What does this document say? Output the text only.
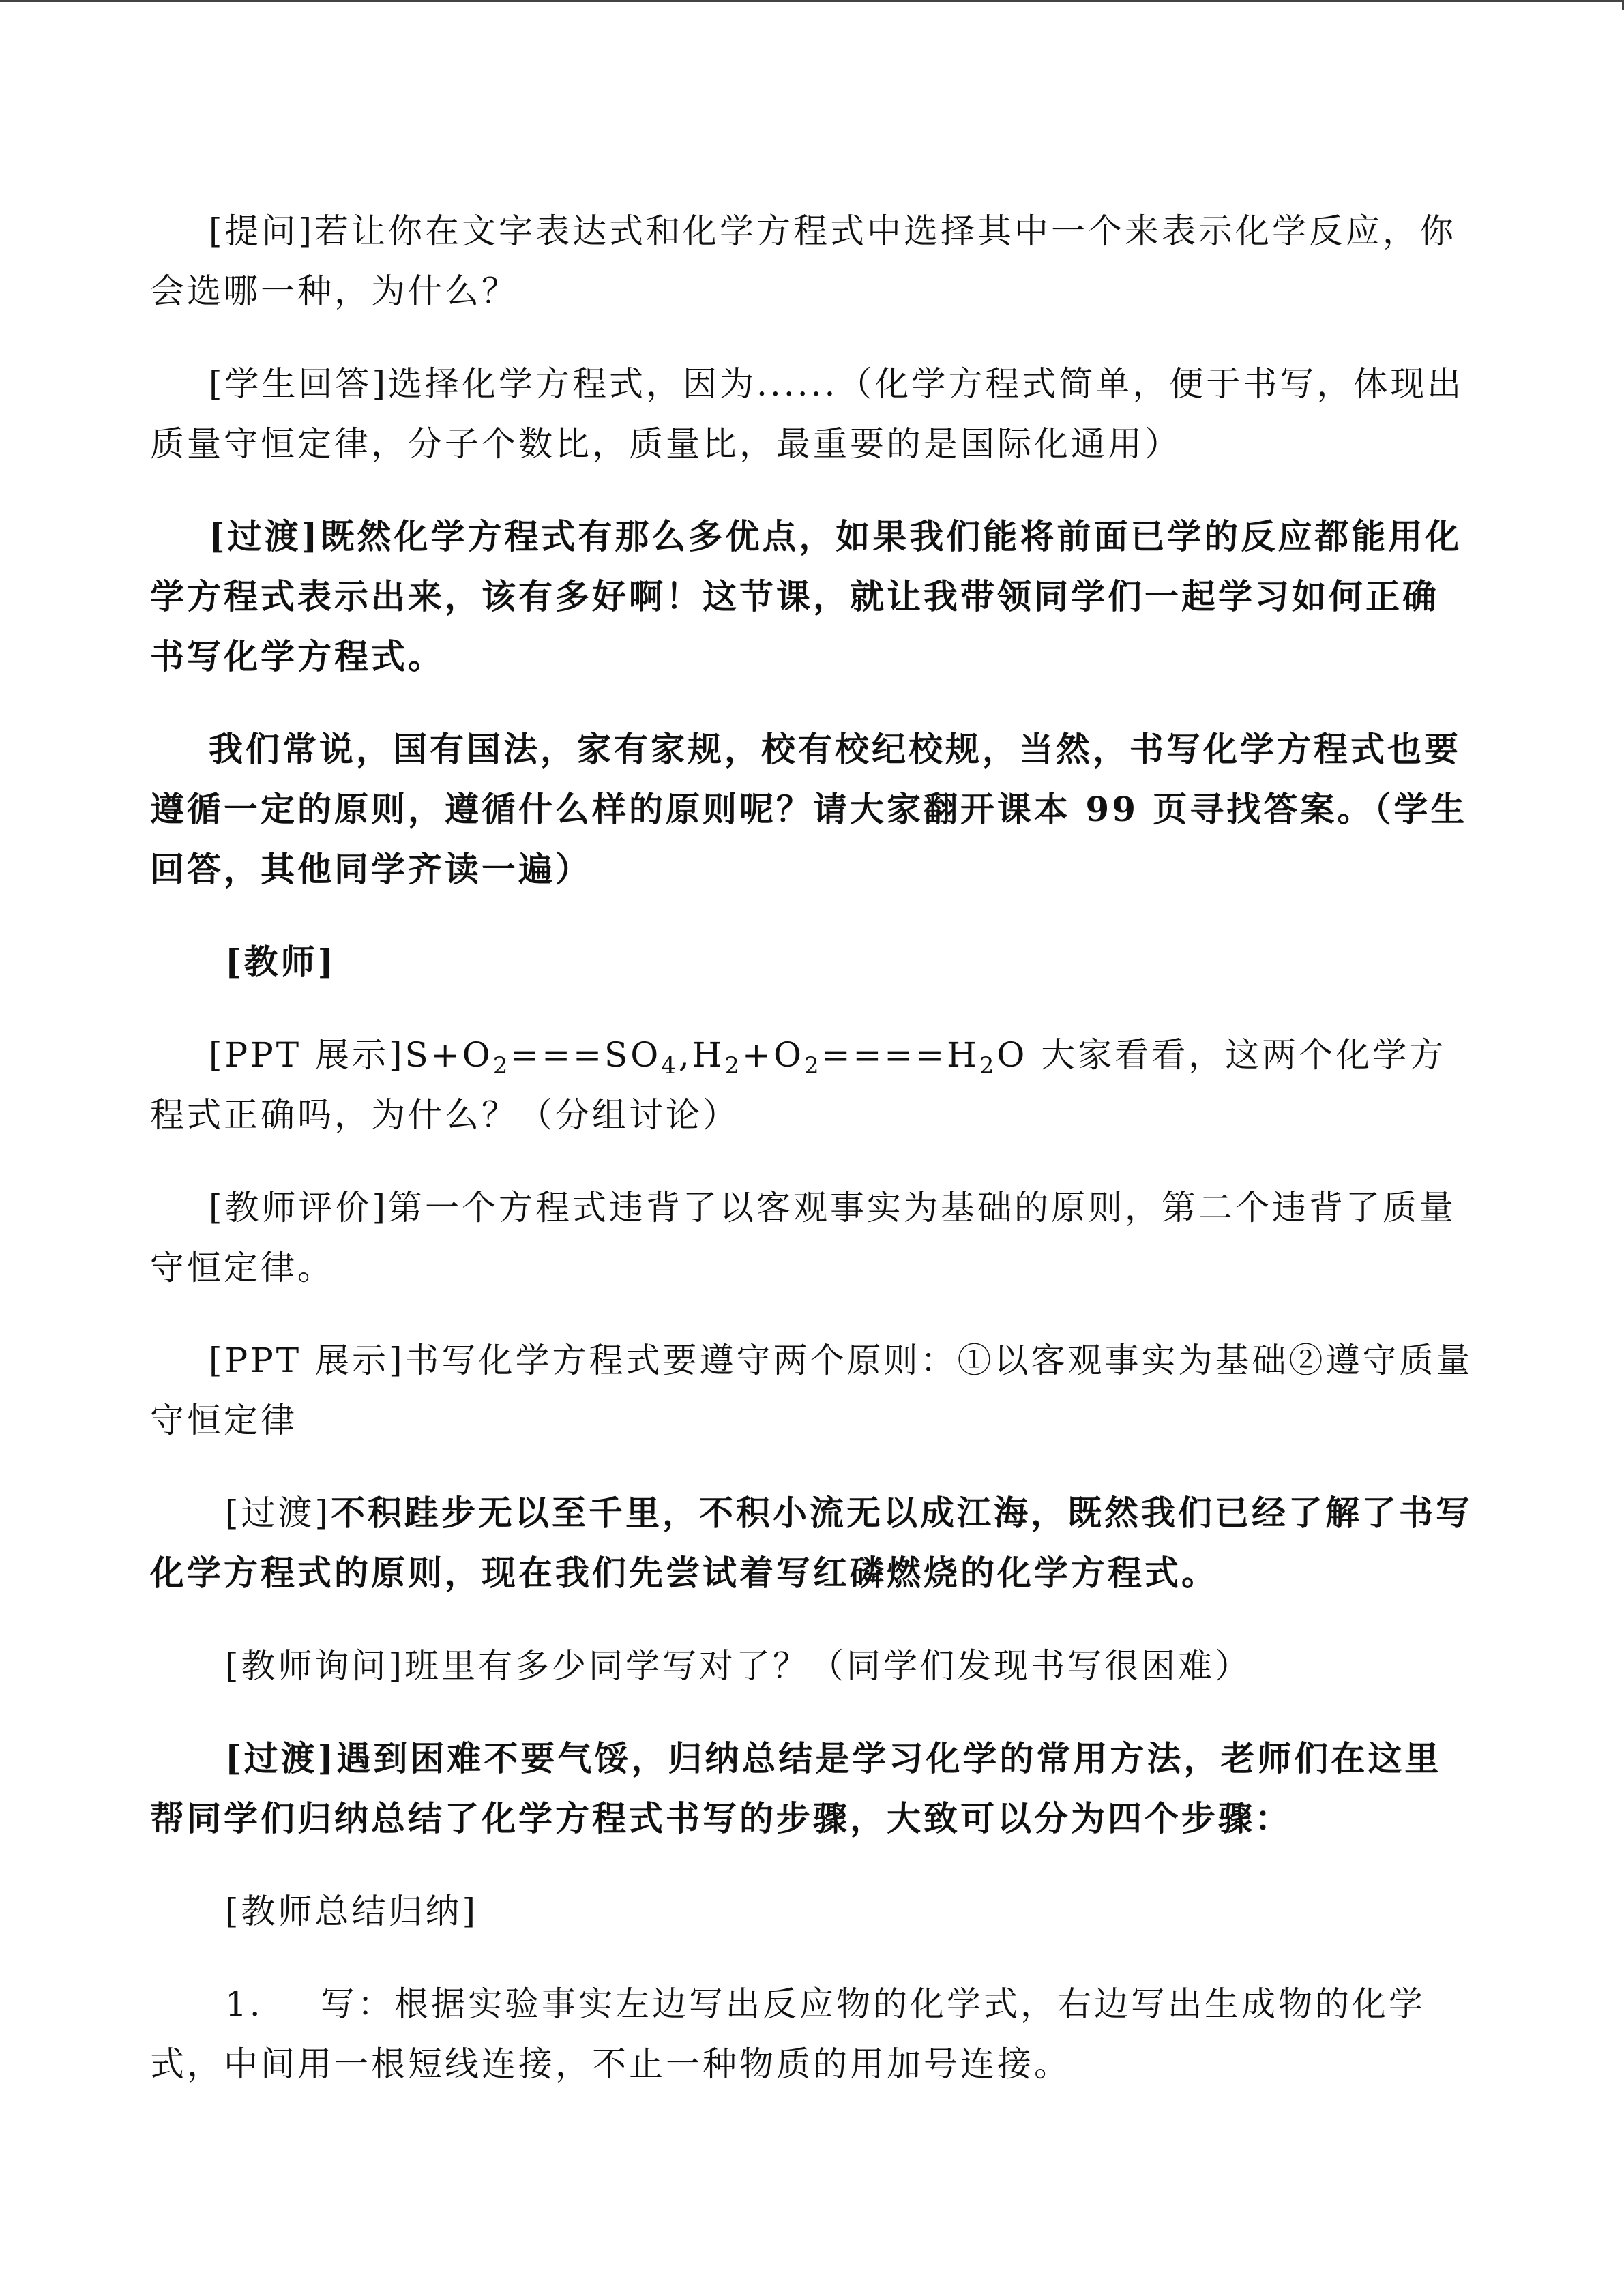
[提问]若让你在文字表达式和化学方程式中选择其中一个来表示化学反应，你会选哪一种，为什么？

[学生回答]选择化学方程式，因为......（化学方程式简单，便于书写，体现出质量守恒定律，分子个数比，质量比，最重要的是国际化通用）

[过渡]既然化学方程式有那么多优点，如果我们能将前面已学的反应都能用化学方程式表示出来，该有多好啊！这节课，就让我带领同学们一起学习如何正确书写化学方程式。

我们常说，国有国法，家有家规，校有校纪校规，当然，书写化学方程式也要遵循一定的原则，遵循什么样的原则呢？请大家翻开课本 99 页寻找答案。（学生回答，其他同学齐读一遍）

[教师]

[PPT 展示]$S+O_2===SO_4,H_2+O_2====H_2O$ 大家看看，这两个化学方程式正确吗，为什么？（分组讨论）

[教师评价]第一个方程式违背了以客观事实为基础的原则，第二个违背了质量守恒定律。

[PPT 展示]书写化学方程式要遵守两个原则：①以客观事实为基础②遵守质量守恒定律

[过渡]不积跬步无以至千里，不积小流无以成江海，既然我们已经了解了书写化学方程式的原则，现在我们先尝试着写红磷燃烧的化学方程式。

[教师询问]班里有多少同学写对了？（同学们发现书写很困难）

[过渡]遇到困难不要气馁，归纳总结是学习化学的常用方法，老师们在这里帮同学们归纳总结了化学方程式书写的步骤，大致可以分为四个步骤：

[教师总结归纳]

1. 写：根据实验事实左边写出反应物的化学式，右边写出生成物的化学式，中间用一根短线连接，不止一种物质的用加号连接。
